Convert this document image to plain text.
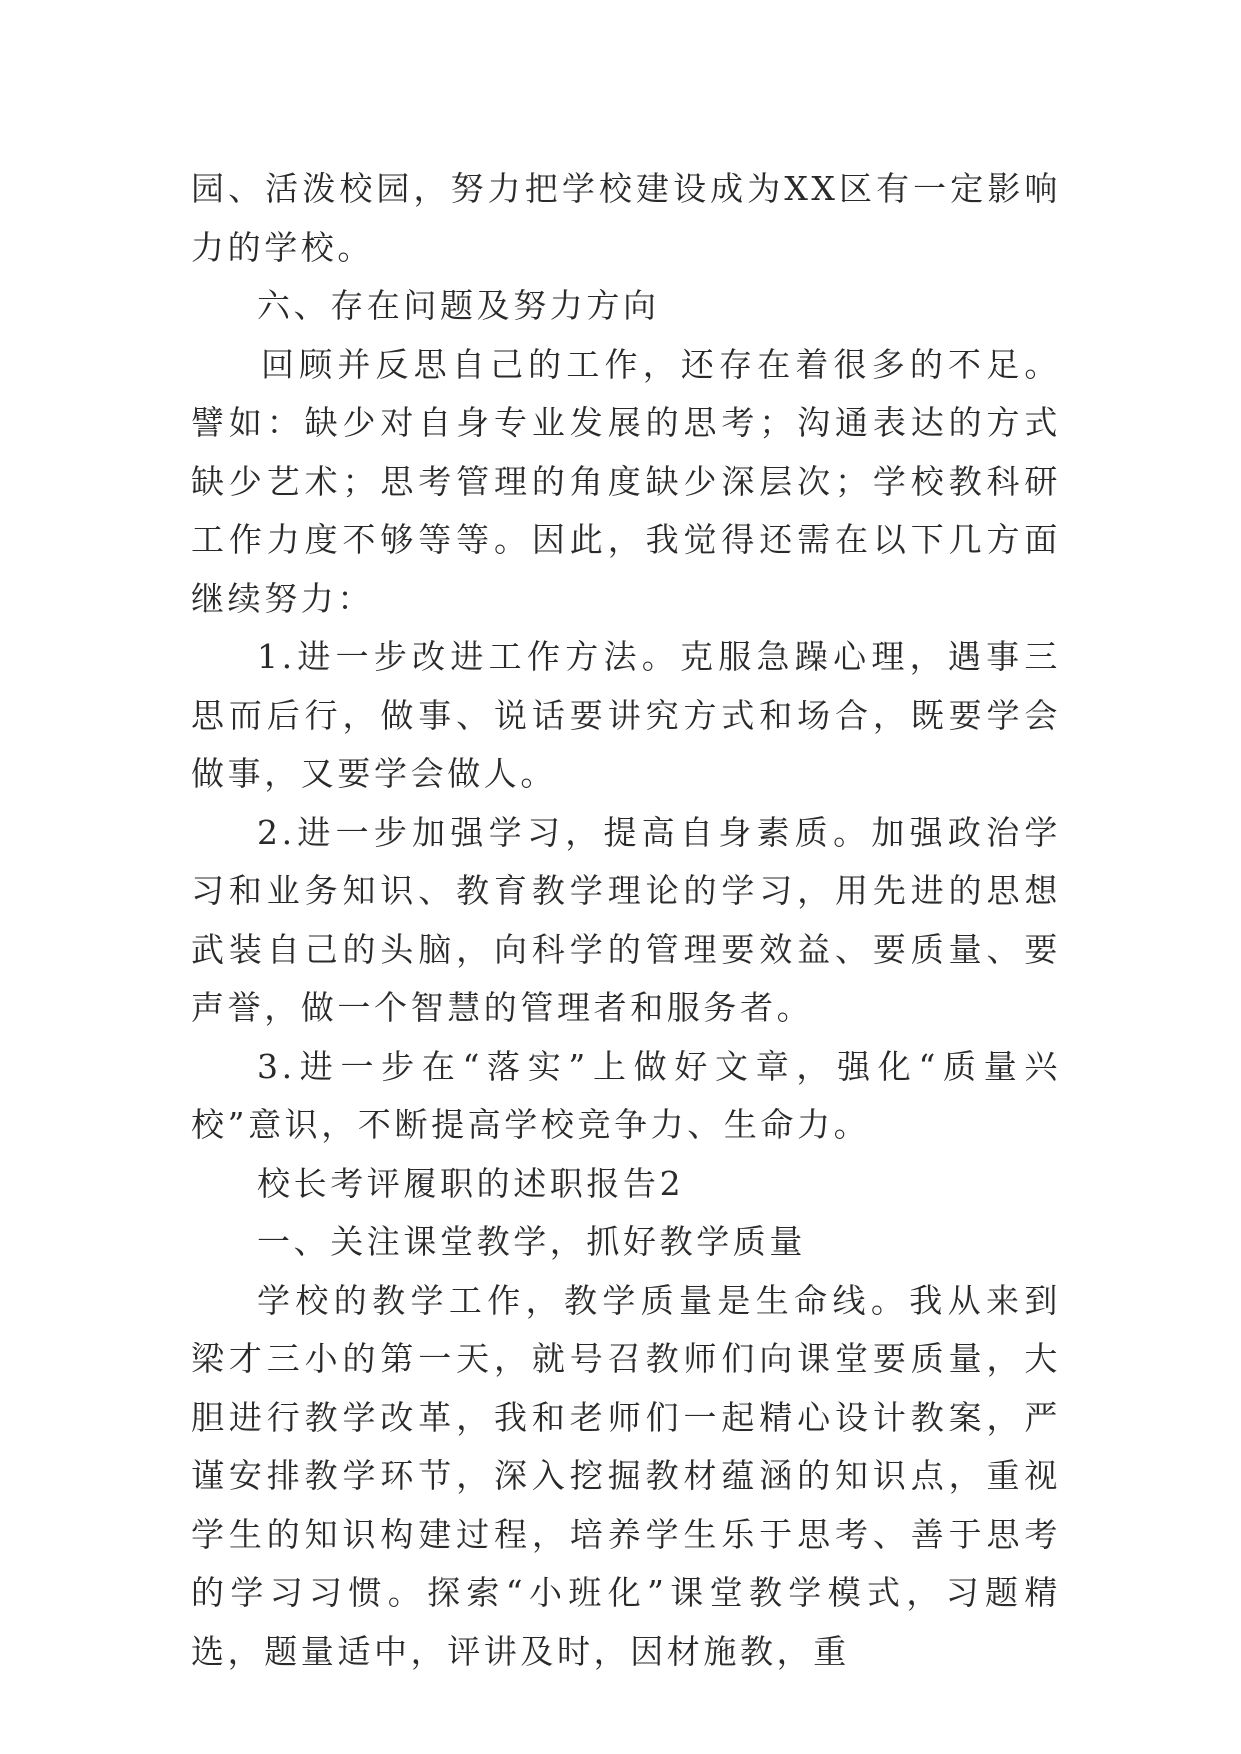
园、活泼校园，努力把学校建设成为XX区有一定影响力的学校。

六、存在问题及努力方向

回顾并反思自己的工作，还存在着很多的不足。譬如：缺少对自身专业发展的思考；沟通表达的方式缺少艺术；思考管理的角度缺少深层次；学校教科研工作力度不够等等。因此，我觉得还需在以下几方面继续努力：

1.进一步改进工作方法。克服急躁心理，遇事三思而后行，做事、说话要讲究方式和场合，既要学会做事，又要学会做人。

2.进一步加强学习，提高自身素质。加强政治学习和业务知识、教育教学理论的学习，用先进的思想武装自己的头脑，向科学的管理要效益、要质量、要声誉，做一个智慧的管理者和服务者。

3.进一步在“落实”上做好文章，强化“质量兴校”意识，不断提高学校竞争力、生命力。

校长考评履职的述职报告2

一、关注课堂教学，抓好教学质量

学校的教学工作，教学质量是生命线。我从来到梁才三小的第一天，就号召教师们向课堂要质量，大胆进行教学改革，我和老师们一起精心设计教案，严谨安排教学环节，深入挖掘教材蕴涵的知识点，重视学生的知识构建过程，培养学生乐于思考、善于思考的学习习惯。探索“小班化”课堂教学模式，习题精选，题量适中，评讲及时，因材施教，重
